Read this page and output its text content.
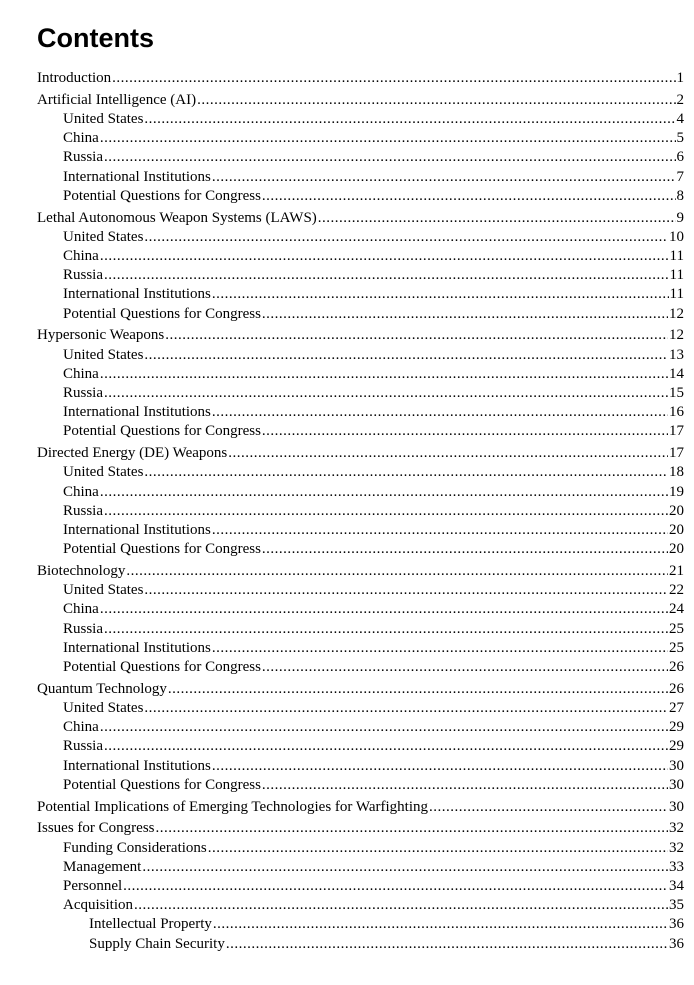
Contents
Introduction .....	1
Artificial Intelligence (AI) .....	2
United States .....	4
China .....	5
Russia .....	6
International Institutions .....	7
Potential Questions for Congress .....	8
Lethal Autonomous Weapon Systems (LAWS) .....	9
United States .....	10
China .....	11
Russia .....	11
International Institutions .....	11
Potential Questions for Congress .....	12
Hypersonic Weapons .....	12
United States .....	13
China .....	14
Russia .....	15
International Institutions .....	16
Potential Questions for Congress .....	17
Directed Energy (DE) Weapons .....	17
United States .....	18
China .....	19
Russia .....	20
International Institutions .....	20
Potential Questions for Congress .....	20
Biotechnology .....	21
United States .....	22
China .....	24
Russia .....	25
International Institutions .....	25
Potential Questions for Congress .....	26
Quantum Technology .....	26
United States .....	27
China .....	29
Russia .....	29
International Institutions .....	30
Potential Questions for Congress .....	30
Potential Implications of Emerging Technologies for Warfighting .....	30
Issues for Congress .....	32
Funding Considerations .....	32
Management .....	33
Personnel .....	34
Acquisition .....	35
Intellectual Property .....	36
Supply Chain Security .....	36
